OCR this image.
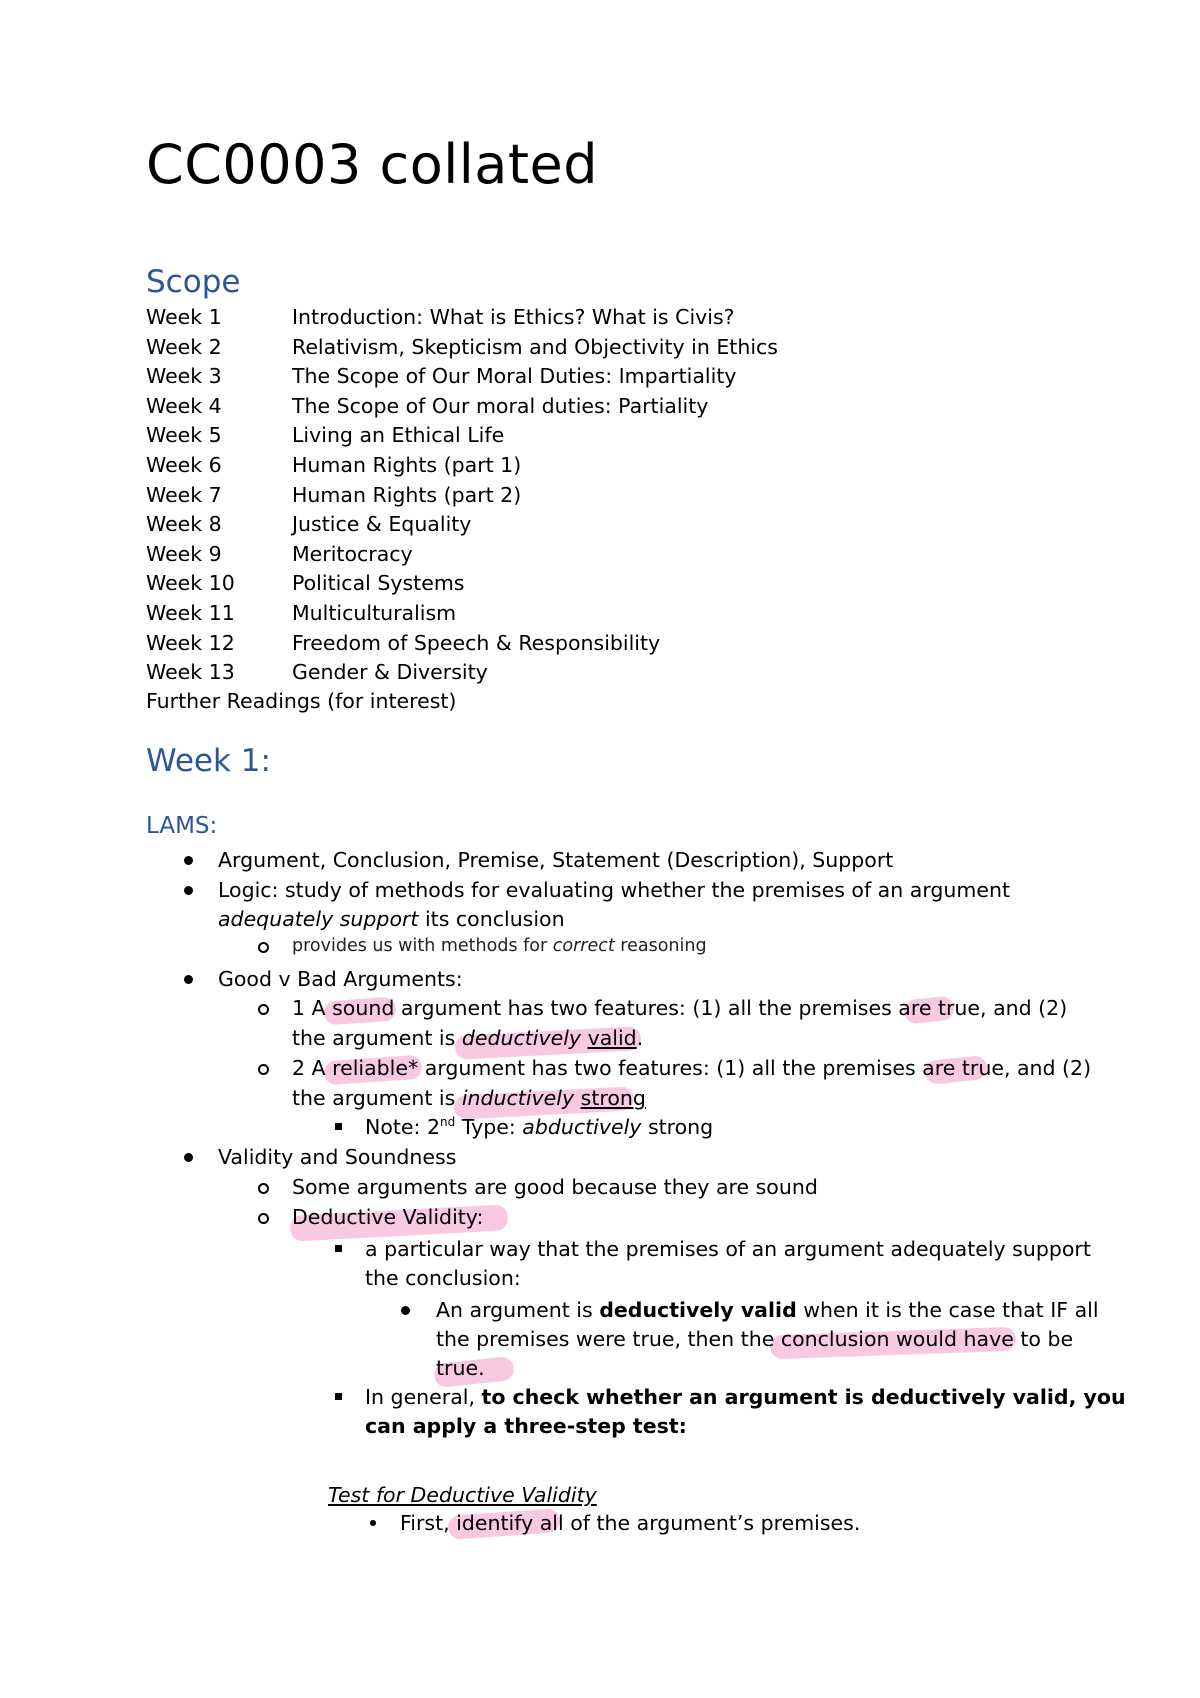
CC0003 collated
Scope
Week 1	Introduction: What is Ethics? What is Civis?
Week 2	Relativism, Skepticism and Objectivity in Ethics
Week 3	The Scope of Our Moral Duties: Impartiality
Week 4	The Scope of Our moral duties: Partiality
Week 5	Living an Ethical Life
Week 6	Human Rights (part 1)
Week 7	Human Rights (part 2)
Week 8	Justice & Equality
Week 9	Meritocracy
Week 10	Political Systems
Week 11	Multiculturalism
Week 12	Freedom of Speech & Responsibility
Week 13	Gender & Diversity
Further Readings (for interest)
Week 1:
LAMS:
Argument, Conclusion, Premise, Statement (Description), Support
Logic: study of methods for evaluating whether the premises of an argument
adequately support its conclusion
provides us with methods for correct reasoning
Good v Bad Arguments:
1 A sound argument has two features: (1) all the premises are true, and (2)
the argument is deductively valid.
2 A reliable* argument has two features: (1) all the premises are true, and (2)
the argument is inductively strong
Note: 2nd Type: abductively strong
Validity and Soundness
Some arguments are good because they are sound
Deductive Validity:
a particular way that the premises of an argument adequately support
the conclusion:
An argument is deductively valid when it is the case that IF all
the premises were true, then the conclusion would have to be
true.
In general, to check whether an argument is deductively valid, you
can apply a three-step test:
Test for Deductive Validity
First, identify all of the argument’s premises.
